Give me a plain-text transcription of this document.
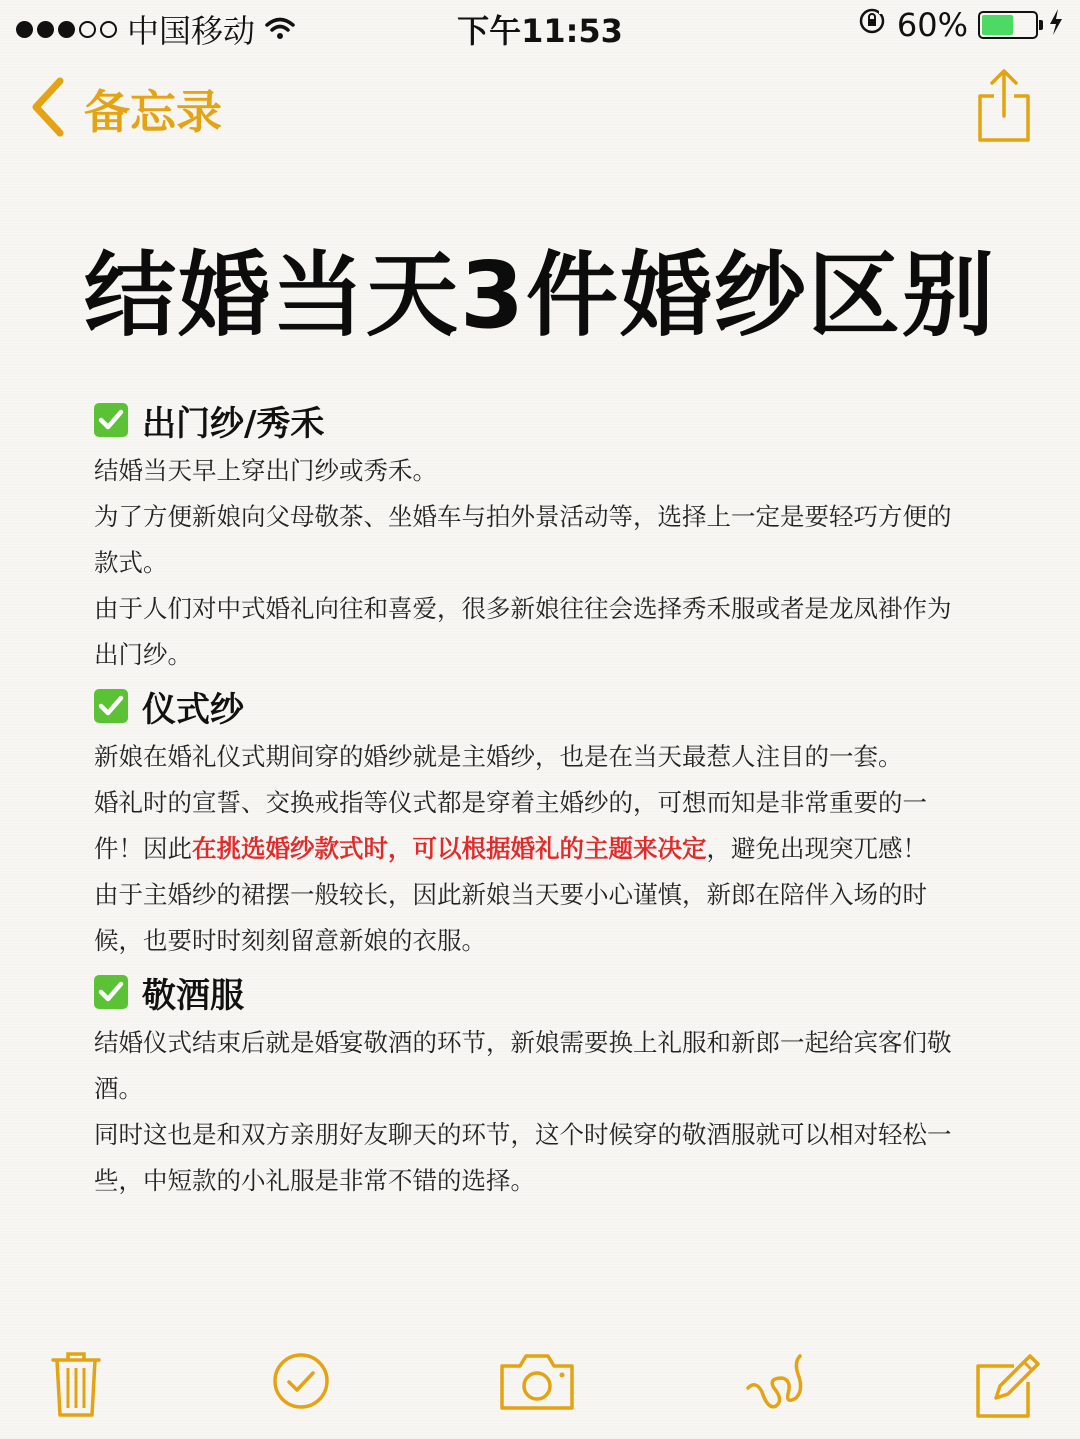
中国移动	下午11:53	60%
备忘录
结婚当天3件婚纱区别
出门纱/秀禾

结婚当天早上穿出门纱或秀禾。

为了方便新娘向父母敬茶、坐婚车与拍外景活动等，选择上一定是要轻巧方便的

款式。

由于人们对中式婚礼向往和喜爱，很多新娘往往会选择秀禾服或者是龙凤褂作为

出门纱。

仪式纱

新娘在婚礼仪式期间穿的婚纱就是主婚纱，也是在当天最惹人注目的一套。

婚礼时的宣誓、交换戒指等仪式都是穿着主婚纱的，可想而知是非常重要的一

件！因此在挑选婚纱款式时，可以根据婚礼的主题来决定，避免出现突兀感！

由于主婚纱的裙摆一般较长，因此新娘当天要小心谨慎，新郎在陪伴入场的时

候，也要时时刻刻留意新娘的衣服。

敬酒服

结婚仪式结束后就是婚宴敬酒的环节，新娘需要换上礼服和新郎一起给宾客们敬

酒。

同时这也是和双方亲朋好友聊天的环节，这个时候穿的敬酒服就可以相对轻松一

些，中短款的小礼服是非常不错的选择。
